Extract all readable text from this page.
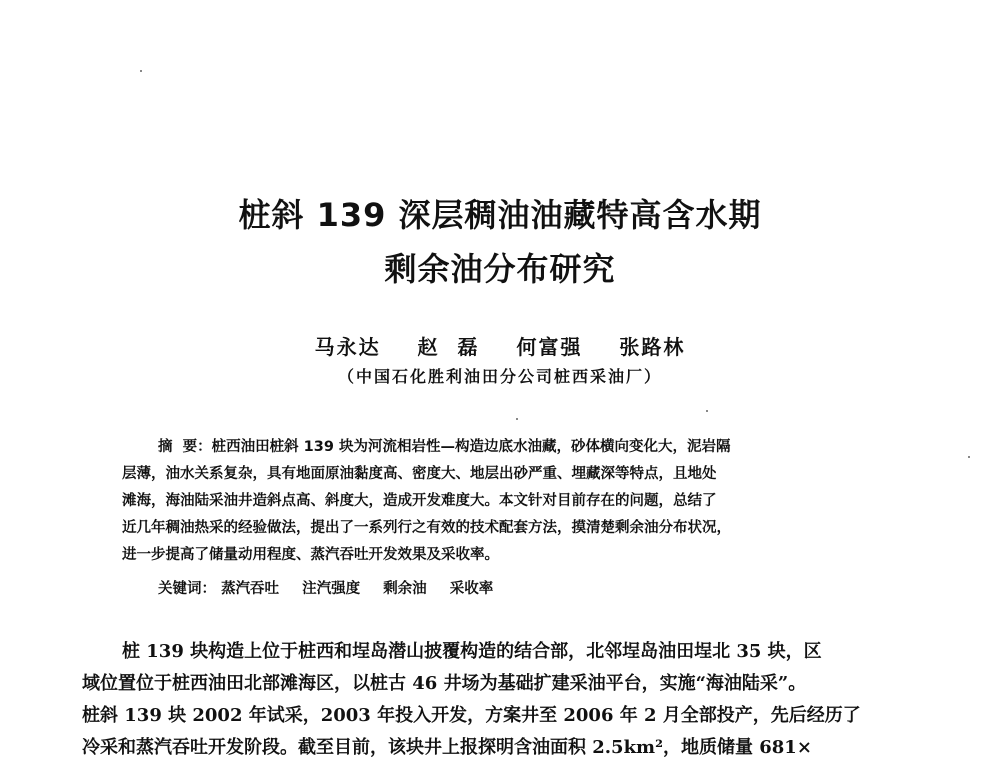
桩斜 139 深层稠油油藏特高含水期
剩余油分布研究
马永达 赵  磊 何富强 张路林
（中国石化胜利油田分公司桩西采油厂）
摘  要：桩西油田桩斜 139 块为河流相岩性—构造边底水油藏，砂体横向变化大，泥岩隔
层薄，油水关系复杂，具有地面原油黏度高、密度大、地层出砂严重、埋藏深等特点，且地处
滩海，海油陆采油井造斜点高、斜度大，造成开发难度大。本文针对目前存在的问题，总结了
近几年稠油热采的经验做法，提出了一系列行之有效的技术配套方法，摸清楚剩余油分布状况，
进一步提高了储量动用程度、蒸汽吞吐开发效果及采收率。
关键词： 蒸汽吞吐 注汽强度 剩余油 采收率
桩 139 块构造上位于桩西和埕岛潜山披覆构造的结合部，北邻埕岛油田埕北 35 块，区
域位置位于桩西油田北部滩海区，以桩古 46 井场为基础扩建采油平台，实施“海油陆采”。
桩斜 139 块 2002 年试采，2003 年投入开发，方案井至 2006 年 2 月全部投产，先后经历了
冷采和蒸汽吞吐开发阶段。截至目前，该块井上报探明含油面积 2.5km²，地质储量 681×
